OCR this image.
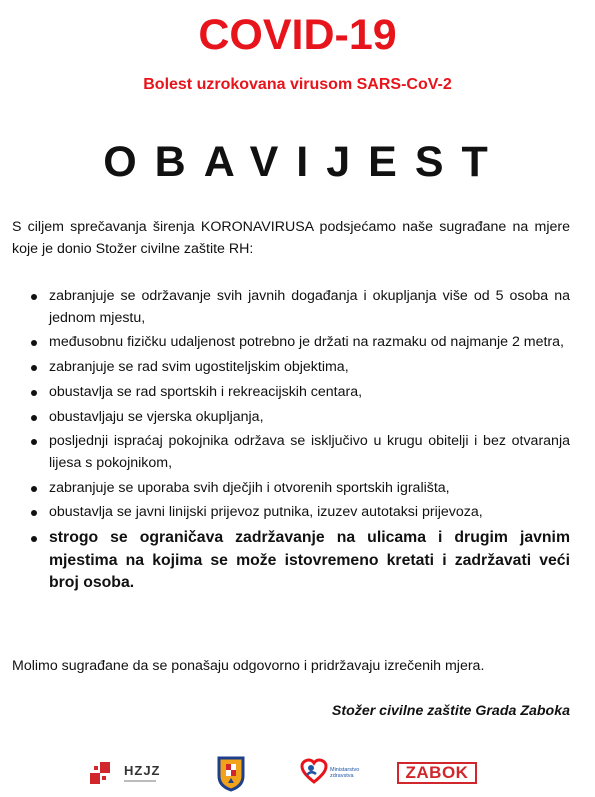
COVID-19
Bolest uzrokovana virusom SARS-CoV-2
OBAVIJEST
S ciljem sprečavanja širenja KORONAVIRUSA podsjećamo naše sugrađane na mjere koje je donio Stožer civilne zaštite RH:
zabranjuje se održavanje svih javnih događanja i okupljanja više od 5 osoba na jednom mjestu,
međusobnu fizičku udaljenost potrebno je držati na razmaku od najmanje 2 metra,
zabranjuje se rad svim ugostiteljskim objektima,
obustavlja se rad sportskih i rekreacijskih centara,
obustavljaju se vjerska okupljanja,
posljednji ispraćaj pokojnika održava se isključivo u krugu obitelji i bez otvaranja lijesa s pokojnikom,
zabranjuje se uporaba svih dječjih i otvorenih sportskih igrališta,
obustavlja se javni linijski prijevoz putnika, izuzev autotaksi prijevoza,
strogo se ograničava zadržavanje na ulicama i drugim javnim mjestima na kojima se može istovremeno kretati i zadržavati veći broj osoba.
Molimo sugrađane da se ponašaju odgovorno i pridržavaju izrečenih mjera.
Stožer civilne zaštite Grada Zaboka
HZJZ	Ministarstvo zdravstva	ZABOK
